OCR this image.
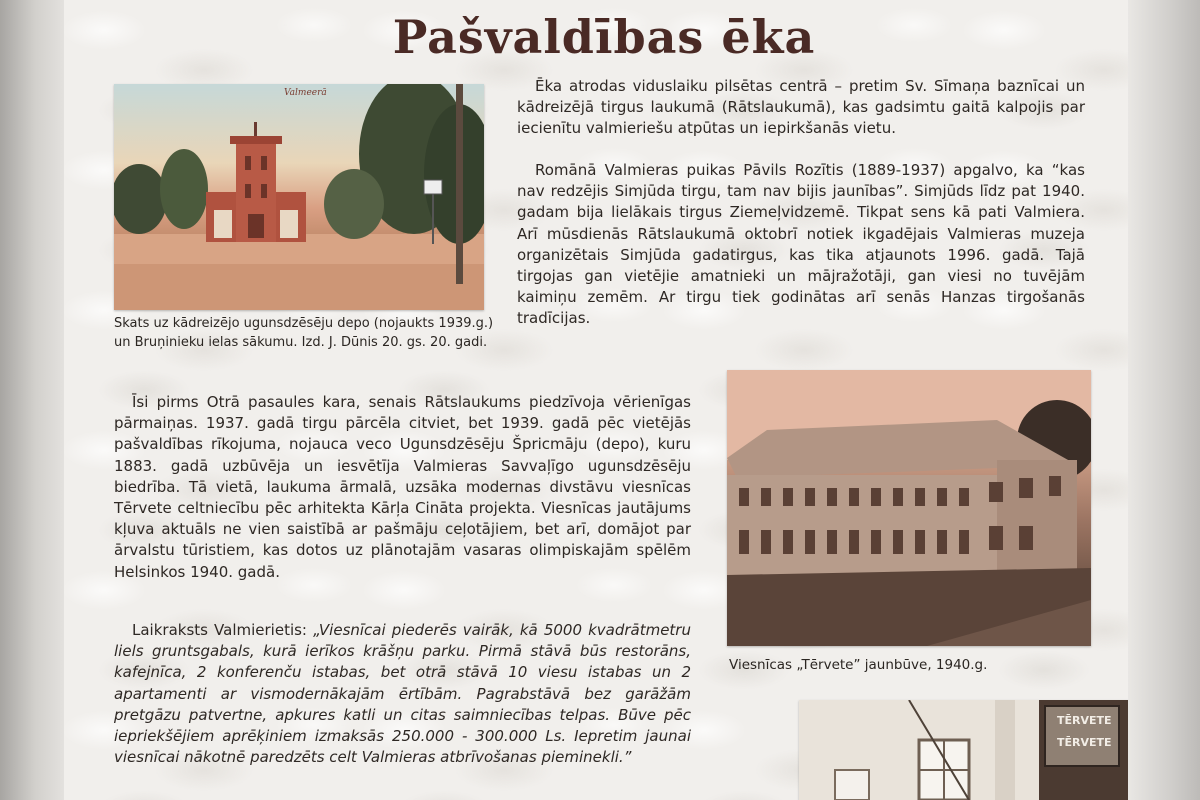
Pašvaldības ēka
Valmeerā

Skats uz kādreizējo ugunsdzēsēju depo (nojaukts 1939.g.) un Bruņinieku ielas sākumu. Izd. J. Dūnis 20. gs. 20. gadi.

Ēka atrodas viduslaiku pilsētas centrā – pretim Sv. Sīmaņa baznīcai un kādreizējā tirgus laukumā (Rātslaukumā), kas gadsimtu gaitā kalpojis par iecienītu valmieriešu atpūtas un iepirkšanās vietu.

Romānā Valmieras puikas Pāvils Rozītis (1889-1937) apgalvo, ka “kas nav redzējis Simjūda tirgu, tam nav bijis jaunības”. Simjūds līdz pat 1940. gadam bija lielākais tirgus Ziemeļvidzemē. Tikpat sens kā pati Valmiera. Arī mūsdienās Rātslaukumā oktobrī notiek ikgadējais Valmieras muzeja organizētais Simjūda gadatirgus, kas tika atjaunots 1996. gadā. Tajā tirgojas gan vietējie amatnieki un mājražotāji, gan viesi no tuvējām kaimiņu zemēm. Ar tirgu tiek godinātas arī senās Hanzas tirgošanās tradīcijas.

Īsi pirms Otrā pasaules kara, senais Rātslaukums piedzīvoja vērienīgas pārmaiņas. 1937. gadā tirgu pārcēla citviet, bet 1939. gadā pēc vietējās pašvaldības rīkojuma, nojauca veco Ugunsdzēsēju Špricmāju (depo), kuru 1883. gadā uzbūvēja un iesvētīja Valmieras Savvaļīgo ugunsdzēsēju biedrība. Tā vietā, laukuma ārmalā, uzsāka modernas divstāvu viesnīcas Tērvete celtniecību pēc arhitekta Kārļa Cināta projekta. Viesnīcas jautājums kļuva aktuāls ne vien saistībā ar pašmāju ceļotājiem, bet arī, domājot par ārvalstu tūristiem, kas dotos uz plānotajām vasaras olimpiskajām spēlēm Helsinkos 1940. gadā.

Viesnīcas „Tērvete” jaunbūve, 1940.g.

Laikraksts Valmierietis: „Viesnīcai piederēs vairāk, kā 5000 kvadrātmetru liels gruntsgabals, kurā ierīkos krāšņu parku. Pirmā stāvā būs restorāns, kafejnīca, 2 konferenču istabas, bet otrā stāvā 10 viesu istabas un 2 apartamenti ar vismodernākajām ērtībām. Pagrabstāvā bez garāžām pretgāzu patvertne, apkures katli un citas saimniecības telpas. Būve pēc iepriekšējiem aprēķiniem izmaksās 250.000 - 300.000 Ls. Iepretim jaunai viesnīcai nākotnē paredzēts celt Valmieras atbrīvošanas pieminekli.”

TĒRVETE
TĒRVETE
